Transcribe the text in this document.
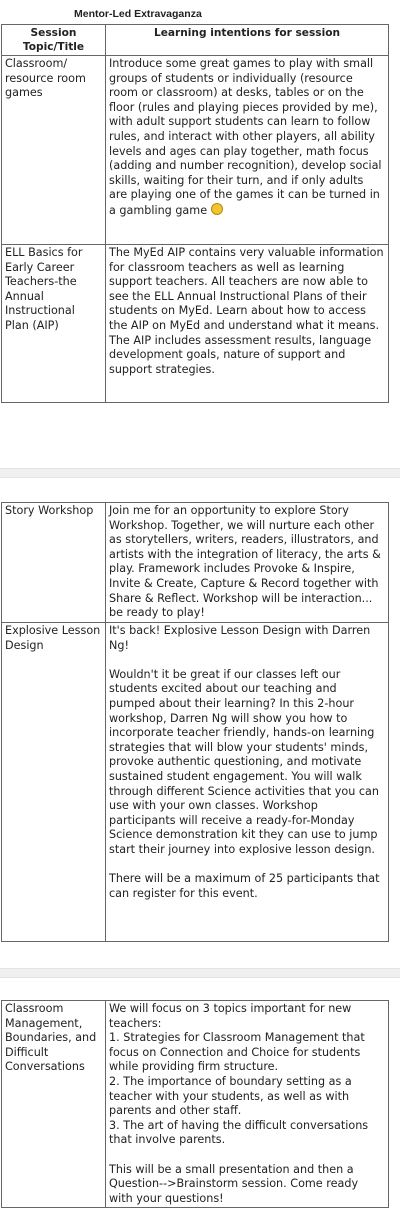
Mentor-Led Extravaganza
Session Topic/Title	Learning intentions for session
Classroom/ resource room games	Introduce some great games to play with small groups of students or individually (resource room or classroom) at desks, tables or on the floor (rules and playing pieces provided by me), with adult support students can learn to follow rules, and interact with other players, all ability levels and ages can play together, math focus (adding and number recognition), develop social skills, waiting for their turn, and if only adults are playing one of the games it can be turned in a gambling game
ELL Basics for Early Career Teachers-the Annual Instructional Plan (AIP)	The MyEd AIP contains very valuable information for classroom teachers as well as learning support teachers. All teachers are now able to see the ELL Annual Instructional Plans of their students on MyEd. Learn about how to access the AIP on MyEd and understand what it means. The AIP includes assessment results, language development goals, nature of support and support strategies.
Story Workshop	Join me for an opportunity to explore Story Workshop. Together, we will nurture each other as storytellers, writers, readers, illustrators, and artists with the integration of literacy, the arts & play. Framework includes Provoke & Inspire, Invite & Create, Capture & Record together with Share & Reflect. Workshop will be interaction... be ready to play!
Explosive Lesson Design	It's back! Explosive Lesson Design with Darren Ng!

Wouldn't it be great if our classes left our students excited about our teaching and pumped about their learning? In this 2-hour workshop, Darren Ng will show you how to incorporate teacher friendly, hands-on learning strategies that will blow your students' minds, provoke authentic questioning, and motivate sustained student engagement. You will walk through different Science activities that you can use with your own classes. Workshop participants will receive a ready-for-Monday Science demonstration kit they can use to jump start their journey into explosive lesson design.

There will be a maximum of 25 participants that can register for this event.
Classroom Management, Boundaries, and Difficult Conversations	We will focus on 3 topics important for new teachers:
1. Strategies for Classroom Management that focus on Connection and Choice for students while providing firm structure.
2. The importance of boundary setting as a teacher with your students, as well as with parents and other staff.
3. The art of having the difficult conversations that involve parents.

This will be a small presentation and then a Question-->Brainstorm session. Come ready with your questions!
